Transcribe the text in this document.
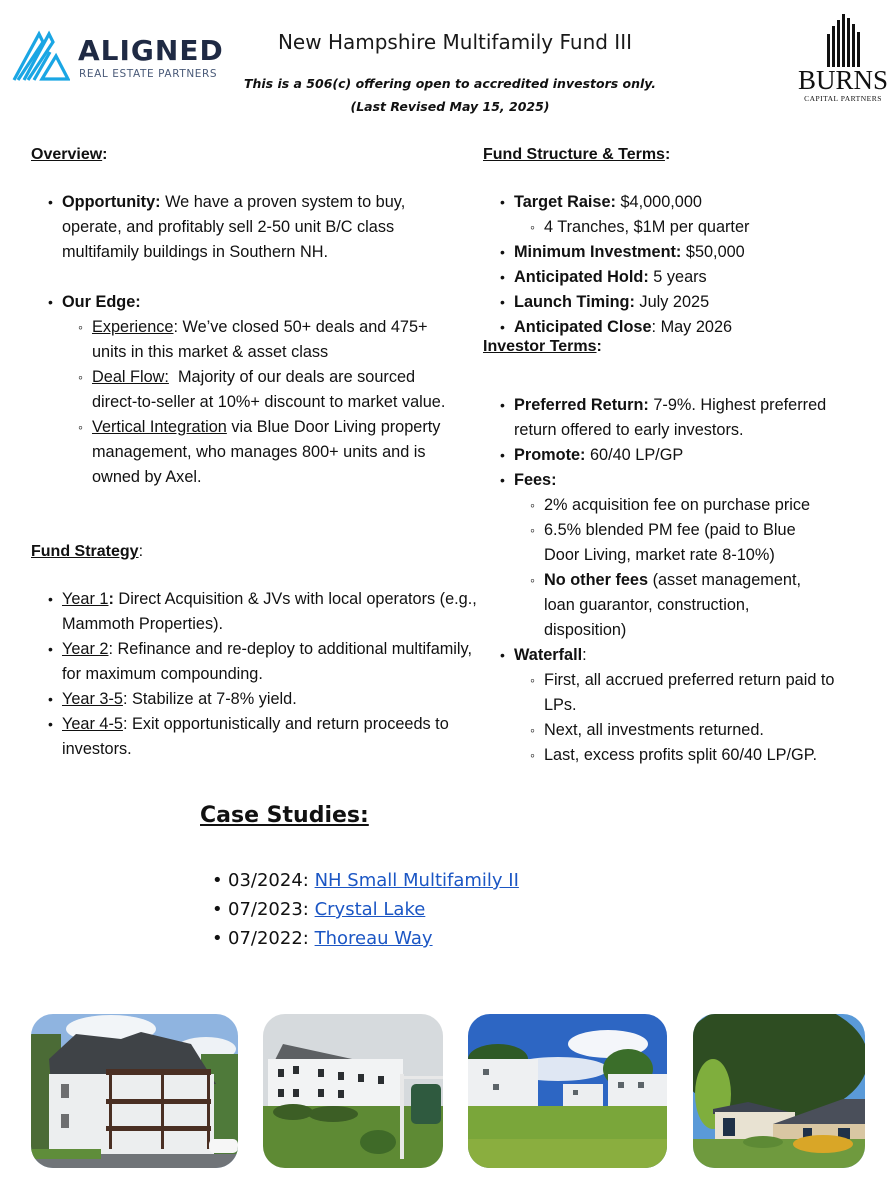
ALIGNED
REAL ESTATE PARTNERS
New Hampshire Multifamily Fund III
This is a 506(c) offering open to accredited investors only.
(Last Revised May 15, 2025)
BURNS
CAPITAL PARTNERS
Overview:
• Opportunity: We have a proven system to buy, operate, and profitably sell 2-50 unit B/C class multifamily buildings in Southern NH.
• Our Edge:
◦ Experience: We’ve closed 50+ deals and 475+ units in this market & asset class
◦ Deal Flow:  Majority of our deals are sourced direct-to-seller at 10%+ discount to market value.
◦ Vertical Integration via Blue Door Living property management, who manages 800+ units and is owned by Axel.
Fund Strategy:
• Year 1: Direct Acquisition & JVs with local operators (e.g., Mammoth Properties).
• Year 2: Refinance and re-deploy to additional multifamily, for maximum compounding.
• Year 3-5: Stabilize at 7-8% yield.
• Year 4-5: Exit opportunistically and return proceeds to investors.
Fund Structure & Terms:
• Target Raise: $4,000,000
◦ 4 Tranches, $1M per quarter
• Minimum Investment: $50,000
• Anticipated Hold: 5 years
• Launch Timing: July 2025
• Anticipated Close: May 2026
Investor Terms:
• Preferred Return: 7-9%. Highest preferred return offered to early investors.
• Promote: 60/40 LP/GP
• Fees:
◦ 2% acquisition fee on purchase price
◦ 6.5% blended PM fee (paid to Blue Door Living, market rate 8-10%)
◦ No other fees (asset management, loan guarantor, construction, disposition)
• Waterfall:
◦ First, all accrued preferred return paid to LPs.
◦ Next, all investments returned.
◦ Last, excess profits split 60/40 LP/GP.
Case Studies:
• 03/2024: NH Small Multifamily II
• 07/2023: Crystal Lake
• 07/2022: Thoreau Way
